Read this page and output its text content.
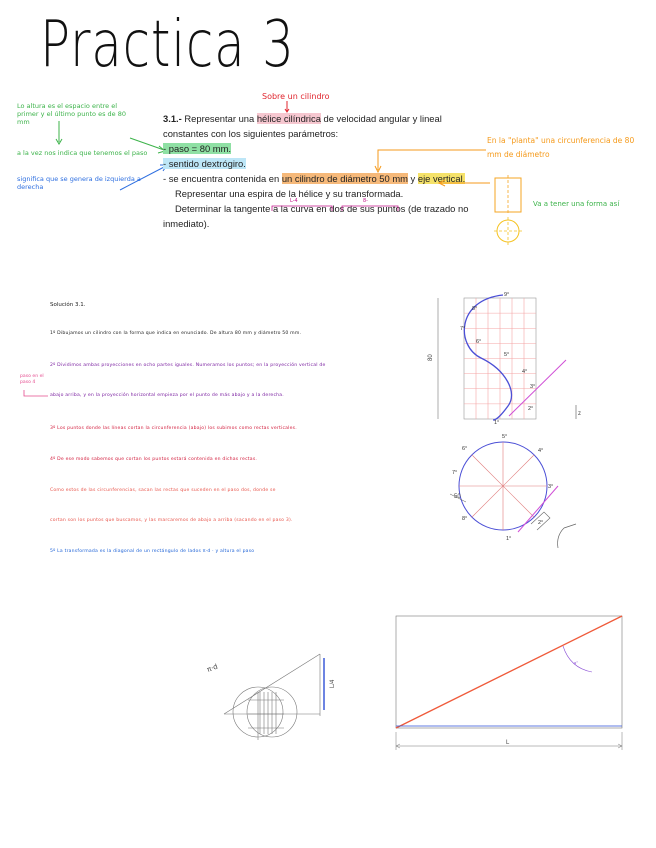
Practica 3
Sobre un cilindro
Lo altura es el espacio entre el primer y el último punto es de 80 mm
a la vez nos indica que tenemos el paso
significa que se genera de izquierda a derecha
3.1.- Representar una hélice cilíndrica de velocidad angular y lineal constantes con los siguientes parámetros:
- paso = 80 mm.
- sentido dextrógiro.
- se encuentra contenida en un cilindro de diámetro 50 mm y eje vertical.

Representar una espira de la hélice y su transformada.
Determinar la tangente a la curva en dos de sus puntos (de trazado no inmediato).
L-4	8-
En la "planta" una circunferencia de 80 mm de diámetro
Va a tener una forma así
Solución 3.1.
paso en el paso 4
1º Dibujamos un cilindro con la forma que indica en enunciado. De altura 80 mm y diámetro 50 mm.
2º Dividimos ambas proyecciones en ocho partes iguales. Numeramos los puntos; en la proyección vertical de
abajo arriba, y en la proyección horizontal empieza por el punto de más abajo y a la derecha.
3º Los puntos donde las líneas cortan la circunferencia (abajo) los subimos como rectas verticales.
4º De ese modo sabemos que cortan los puntos estará contenida en dichas rectas.
Como estos de las circunferencias, sacan las rectas que suceden en el paso dos, donde se
cortan son los puntos que buscamos, y las marcaremos de abajo a arriba (sacando en el paso 3).
5º La transformada es la diagonal de un rectángulo de lados π·d · y altura el paso
80
1°
2°
3°
4°
5°
6°
7°
8°
9°
z
1°
2°
3°
4°
5°
6°
7°
8°
50
π·d
L/4
α°
L
